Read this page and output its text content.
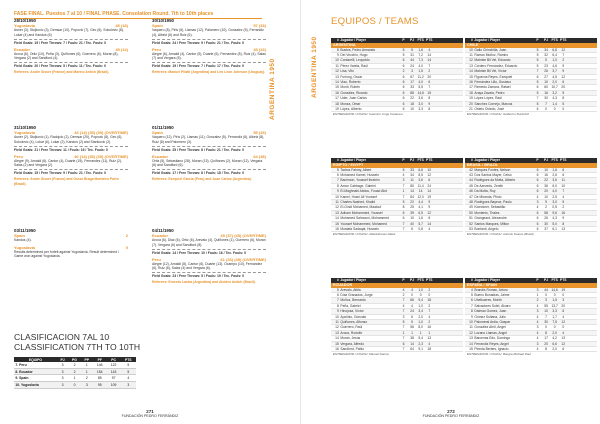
FASE FINAL. Puestos 7 al 10 / FINAL PHASE. Consolation Round. 7th to 10th places
ARGENTINA 1950
28/10/1950
Yugoslavia	45 (18)
Asner (3), Stojkovic (3), Demsar (10), Popovic (7), Gec (6), Sokolovic (8), Lokar (4) and Kandus (6)
Field Goals: 19 / Free Throws: 7 / Fouls: 21 / Tec. Fouls: 0
Ecuador	45 (14)
Aroca (6), Ortiz (10), Peña (3), Quiñones (6), Guerrero (6), Moran (8), Vergara (2) and Sandford (4).
Field Goals: 20 / Free Throws: 5 / Fouls: 11 / Tec. Fouls: 0
Referees: Andre Sisser (France) and Marino Antich (Brazil).
30/10/1950
Spain	57 (33)
Vaquero (8), Piris (6), Llamas (12), Palomero (10), Gonzalez (5), Ferrandiz (4), Albeiz (6) and Ruiz (6).
Field Goals: 24 / Free Throws: 9 / Fouls: 21 / Tec. Fouls: 0
Peru	45 (23)
Alegre (6), Arnaldi (4), Cantor (5), Duarte (6), Fernandez (8), Ruiz (4), Salas (7) and Vergara (5).
Field Goals: 19 / Free Throws: 7 / Fouls: 17 / Tec. Fouls: 0
Referees: Manuel Pilatti (Argentina) and Leo Leon Johnson (Uruguay).
31/10/1950
Yugoslavia	43 (14) (35) (39) (OVERTIME)
Asner (2), Stojkovic (1), Radojcic (2), Demsar (20), Popovic (8), Gec (6), Sokolovic (4), Lokar (6), Lokar (2), Kandus (2) and Stankovic (2).
Field Goals: 21 / Free Throws: 11 / Fouls: 16 / Tec. Fouls: 0
Peru	40 (14) (35) (39) (OVERTIME)
Alegre (9), Arnaldi (6), Cantor (4), Duarte (15), Fernandez (11), Ruiz (2), Salas (2) and Vergara (2).
Field Goals: 15 / Free Throws: 9 / Fouls: 21 / Tec. Fouls: 0
Referees: Andre Sisser (France) and Oscar Braga Monteiro Porto (Brazil).
01/11/1950
Spain	55 (33)
Vaquero (12), Piris (2), Llamas (11), Gonzalez (5), Ferrandiz (6), Albeiz (8), Ruiz (8) and Palomero (3).
Field Goals: 25 / Free Throws: 8 / Fouls: 21 / Tec. Fouls: 0
Ecuador	64 (38)
Ortiz (5), Sebastiano (28), Moran (13), Quiñones (2), Moran (12), Vergara (6) and Sandford (6).
Field Goals: 17 / Free Throws: 8 / Fouls: 18 / Tec. Fouls: 0
Referees: Ezequiel Garcia (Peru) and Juan Carlos (Argentina).
03/11/1950
Spain	2
Kandus (4).
Yugoslavia	0
Results determined per forfeit against Yugoslavia. Result determined / Game won against Yugoslavia.
04/11/1950
Ecuador	45 (37) (45) (OVERTIME)
Aroca (6), Diaz (6), Ortiz (6), Arevalo (4), Quiñones (1), Guerrero (6), Moran (7), Vergara (6) and Sandford (8).
Field Goals: 14 / Free Throws: 10 / Fouls: 16 / Tec. Fouls: 0
Peru	61 (33) (45) (OVERTIME)
Alegre (12), Arnaldi (8), Cantor (6), Duarte (13), Ocampo (10), Fernandez (6), Ruiz (6), Salas (4) and Vergara (6).
Field Goals: 23 / Free Throws: 5 / Fouls: 19 / Tec. Fouls: 0
Referees: Ernesto Lastra (Argentina) and Alcides Antich (Brazil).
CLASIFICACION 7AL 10
CLASSIFICATION 7TH TO 10TH
EQUIPO	PJ	PG	PP	PF	PC	PTS
7. Peru	3	2	1	146	122	5
8. Ecuador	3	2	1	154	143	5
9. Spain	3	1	2	89	97	4
10. Yugoslavia	3	0	3	95	109	3
271
FUNDACIÓN PEDRO FERRÁNDIZ
ARGENTINA 1950
EQUIPOS / TEAMS
# Jugador / Player	P	PJ	PTS PTS
ARGENTINA
8 Bustos, Pedro Armando	5	5	1,6	4
9 Del Vecchio, Hugo	5	31	7,2	14
10 Contarelli, Leopoldo	6	44	7,3	14
11 Pérez Varela, Raúl	6	24	4,0	7
12 Lisa, Vito	2	3	1,5	2
13 Furlong, Oscar	6	67	11,2	20
14 Viau, Roberto	6	17	4,0	6
15 Monti, Rubén	6	33	5,5	7
16 González, Ricardo	6	88	14,6	15
17 Uder, Juan Carlos	6	22	3,6	8
18 Monza, Omar	6	18	3,0	9
19 López, Alberto	6	10	3,3	8
ENTRENADOR / COACH: Casimiro Jorge Canavesi
# Jugador / Player	P	PJ	PTS PTS
CHILE
10 Gallo Chinchilla, Juan	5	34	6,8	12
11 Ramos Muñoz, Ramiro	5	32	6,4	7
12 Mahnke Bil Vel, Eduardo	5	5	1,0	2
13 Cordero Fernández, Eduardo	5	23	4,6	9
14 Mahnke Bil Vel, Víctor	7	26	3,7	9
15 Figueroa Reyes, Ezequiel	6	27	4,5	12
16 Fernández Lillo, Gustavo	5	10	2,0	6
17 Remedo Zamora, Rafael	6	60	10,7	20
18 Araya Zavala, Pedro	5	16	3,2	5
19 López López, Raúl	7	30	4,3	8
20 Sánchez Cornejo, Marcos	5	7	1,4	5
21 Ostelo Oviedo, José	6	0	0	0
ENTRENADOR / COACH: Guillermo Ruckofch
# Jugador / Player	P	PJ	PTS PTS
EGIPTO / EGYPT
5 Tadros Fahmy, Albert	5	33	6,6	10
6 Mohamed Kamel, Hussein	4	34	8,5	12
7 Bachmon, Youssef Ibrahim	3	11	3,6	6
8 Amon Cabbage, Gabriel	7	80	11,4	24
9 El-Maghnabi Abdou, Fouad Abd	1	14	14	14
10 Kamel, Hosni Ali Youssef	7	84	12,0	19
11 Charles Nashed, Khalid	5	22	4,4	9
12 El-Gindi Mohamed, Maalouf	8	25	4,1	9
13 Adham Mohammed, Youssef	6	39	6,5	12
14 Mohamed Salmouni, Mohammed	6	10	1,6	6
15 Youssef Mohammed, Mohamed	7	40	5,7	14
16 Mostafa Sadaqat, Hussein	7	6	0,8	4
ENTRENADOR / COACH: Abdelrahman Hafez
# Jugador / Player	P	PJ	PTS PTS
BRASIL / BRAZIL
42 Marques Fontes, Nelson	6	10	1,6	6
43 Dos Santos Mayer, Celso	6	16	2,6	6
44 Rodrigues da Motta, Alberto	6	22	3,6	11
45 De Azevedo, Zenith	6	36	6,0	10
46 Da Motta, Ruy	6	20	4,0	7
47 De Miranda, Plínio	4	10	2,5	4
48 Rodrigues Bayeux, Paulo	3	9	3,0	5
49 Kloeckner, Sebastião	4	2	0,5	2
50 Montenis, Thales	6	58	9,6	16
51 Grangeard, Alexandre	6	26	4,3	9
52 Santos Marques, Milton	6	30	5,0	8
53 Bonfanti, Angelo	6	37	6,1	13
ENTRENADOR / COACH: Antonio Soares (Brasil)
# Jugador / Player	P	PJ	PTS PTS
ECUADOR
5 Arevalo, Attila	4	4	1,0	2
6 Díaz Granados, Jorge	2	0	0	0
7 Muñoz, Bernardo	7	66	9,4	18
8 Peña, Gabriel	4	4	1,0	2
9 Hinojosa, Víctor	7	24	3,4	7
10 Apolinio, Gonzalo	3	6	2,0	4
11 Quiñones, Alfonso	5	5	1,0	2
12 Guerrero, Raúl	7	56	8,0	16
13 Aroca, Rodolfo	1	1	1	1
14 Morán, Jesús	7	38	5,4	13
15 Vergara, Alfredo	6	14	2,3	4
16 Sandford, Pablo	7	64	9,1	18
ENTRENADOR / COACH: Manuel Gaona
# Jugador / Player	P	PJ	PTS PTS
ESPAÑA / SPAIN
4 Brandis Roman, Arturo	3	44	14,6	19
5 Bueno Bonadías, Jaime	1	0	0	0
6 Uhelkueres, Mohih	2	3	1,5	3
7 Salvadores Sotel, Álvaro	4	55	13,7	20
8 Dalmau Gomez, Juan	3	10	3,3	6
9 Gómez Sultana, Julio	4	7	1,7	4
10 Palomeral Ardia, Gaspar	4	30	7,5	12
11 González Abril, Angel	3	0	0	0
12 Lozano Llamas, Angel	4	8	2,0	4
13 Barcenas Edo, Domingo	4	17	4,2	13
14 Ferrandiz Reyes, Angel	3	20	6,6	12
15 Pineda Berbes, Ignacio	4	8	2,0	6
ENTRENADOR / COACH: Bangre-Michael Paul
272
FUNDACIÓN PEDRO FERRÁNDIZ
